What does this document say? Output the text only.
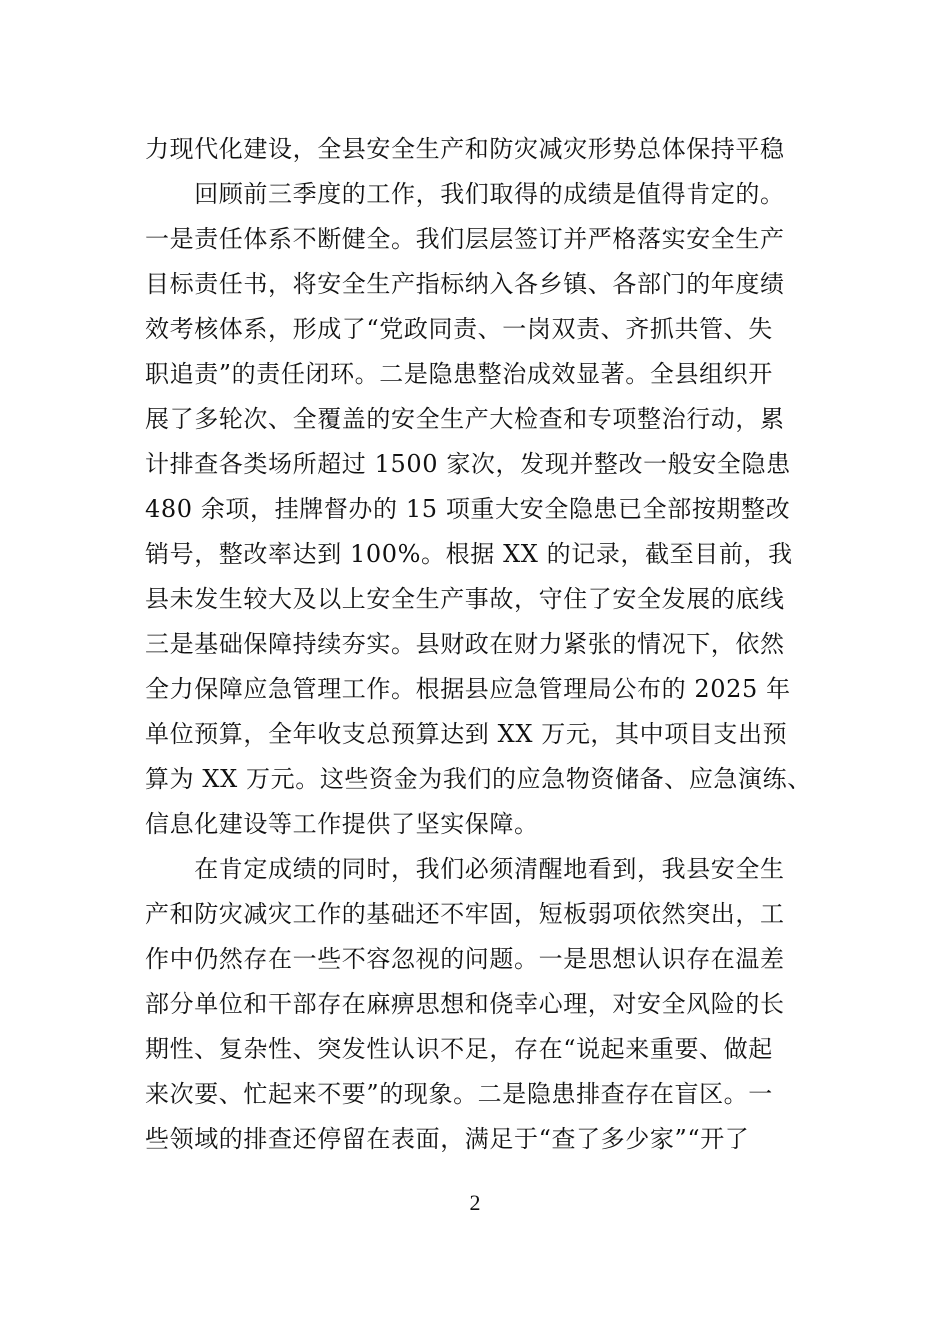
力现代化建设，全县安全生产和防灾减灾形势总体保持平稳
　　回顾前三季度的工作，我们取得的成绩是值得肯定的。
一是责任体系不断健全。我们层层签订并严格落实安全生产
目标责任书，将安全生产指标纳入各乡镇、各部门的年度绩
效考核体系，形成了“党政同责、一岗双责、齐抓共管、失
职追责”的责任闭环。二是隐患整治成效显著。全县组织开
展了多轮次、全覆盖的安全生产大检查和专项整治行动，累
计排查各类场所超过 1500 家次，发现并整改一般安全隐患
480 余项，挂牌督办的 15 项重大安全隐患已全部按期整改
销号，整改率达到 100%。根据 XX 的记录，截至目前，我
县未发生较大及以上安全生产事故，守住了安全发展的底线
三是基础保障持续夯实。县财政在财力紧张的情况下，依然
全力保障应急管理工作。根据县应急管理局公布的 2025 年
单位预算，全年收支总预算达到 XX 万元，其中项目支出预
算为 XX 万元。这些资金为我们的应急物资储备、应急演练、
信息化建设等工作提供了坚实保障。
　　在肯定成绩的同时，我们必须清醒地看到，我县安全生
产和防灾减灾工作的基础还不牢固，短板弱项依然突出，工
作中仍然存在一些不容忽视的问题。一是思想认识存在温差
部分单位和干部存在麻痹思想和侥幸心理，对安全风险的长
期性、复杂性、突发性认识不足，存在“说起来重要、做起
来次要、忙起来不要”的现象。二是隐患排查存在盲区。一
些领域的排查还停留在表面，满足于“查了多少家”“开了
2
